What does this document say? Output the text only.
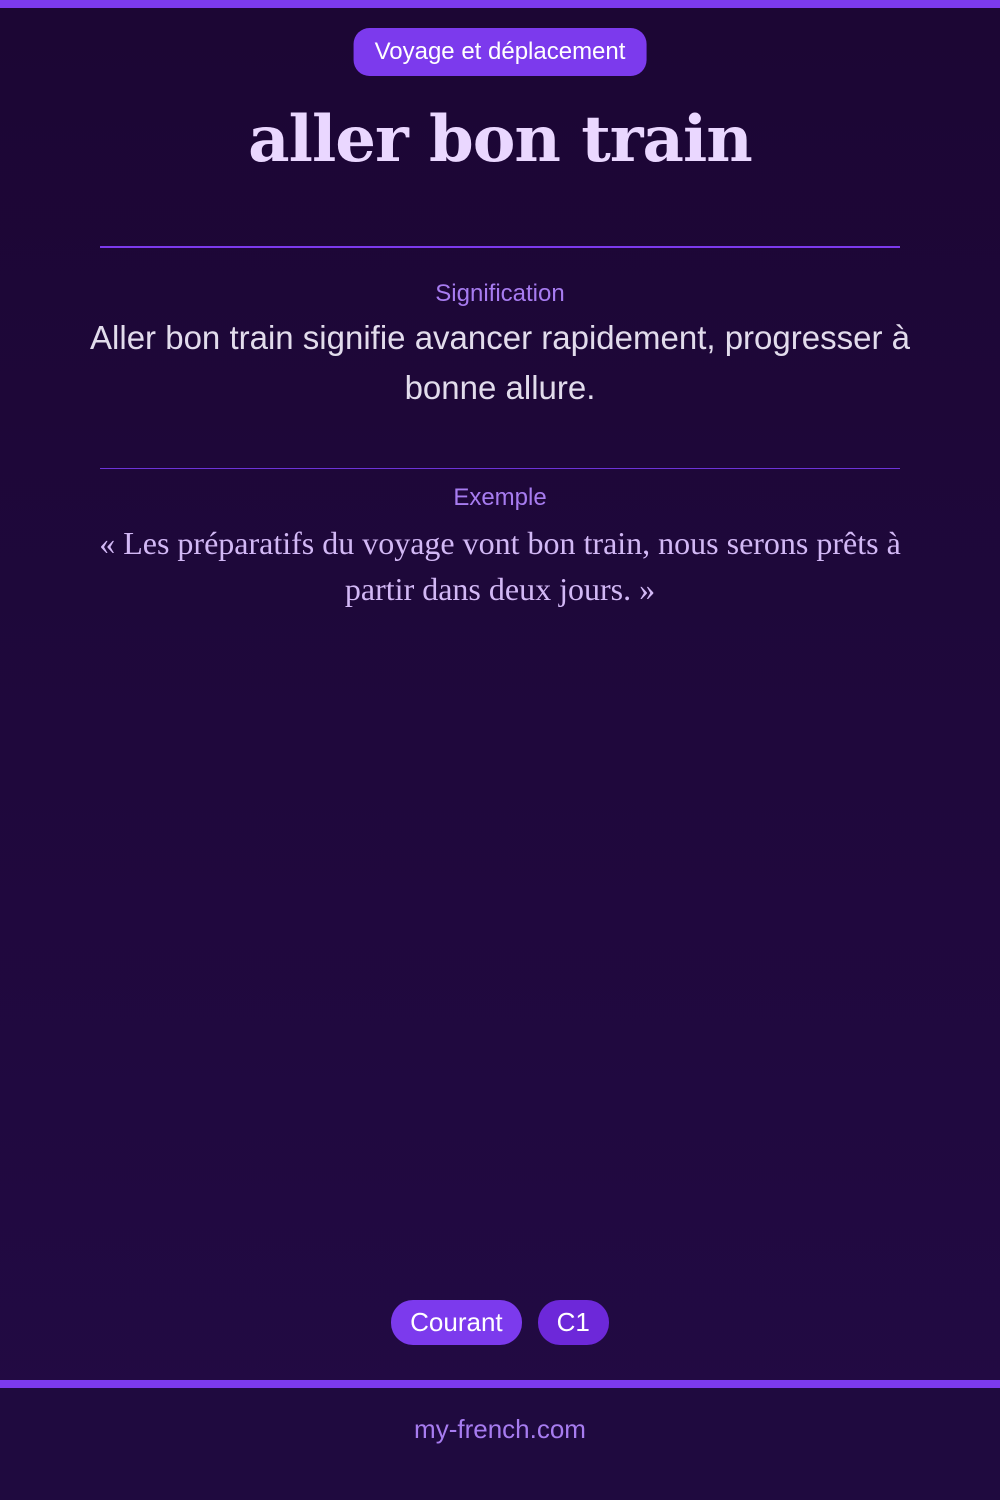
Voyage et déplacement
aller bon train
Signification
Aller bon train signifie avancer rapidement, progresser à bonne allure.
Exemple
« Les préparatifs du voyage vont bon train, nous serons prêts à partir dans deux jours. »
Courant	C1
my-french.com
